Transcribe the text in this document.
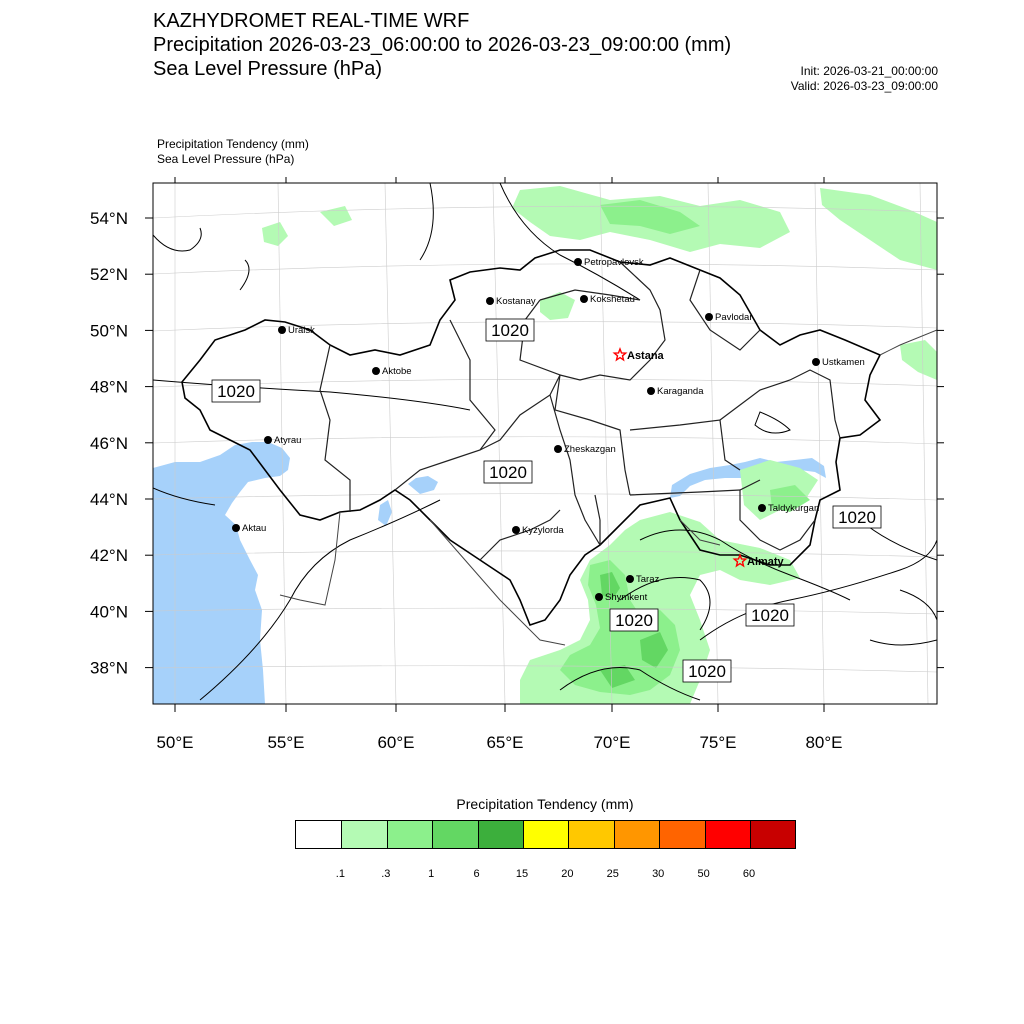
KAZHYDROMET REAL-TIME WRF
Precipitation 2026-03-23_06:00:00 to 2026-03-23_09:00:00 (mm)
Sea Level Pressure (hPa)	Init: 2026-03-21_00:00:00
Valid: 2026-03-23_09:00:00
Precipitation Tendency (mm)
Sea Level Pressure (hPa)
1020
1020
1020
1020
1020	1020
1020
Petropavlovsk
Kostanay	Kokshetau
Pavlodar
Uralsk
Astana
Ustkamen
Aktobe
Karaganda
Atyrau
Zheskazgan
Kyzylorda
Taldykurgan
Aktau
Almaty
Taraz
Shymkent
50°E	55°E	60°E	65°E	70°E	75°E	80°E
54°N
52°N
50°N
48°N
46°N
44°N
42°N
40°N
38°N
Precipitation Tendency (mm)
.1	.3	1	6	15	20	25	30	50	60
